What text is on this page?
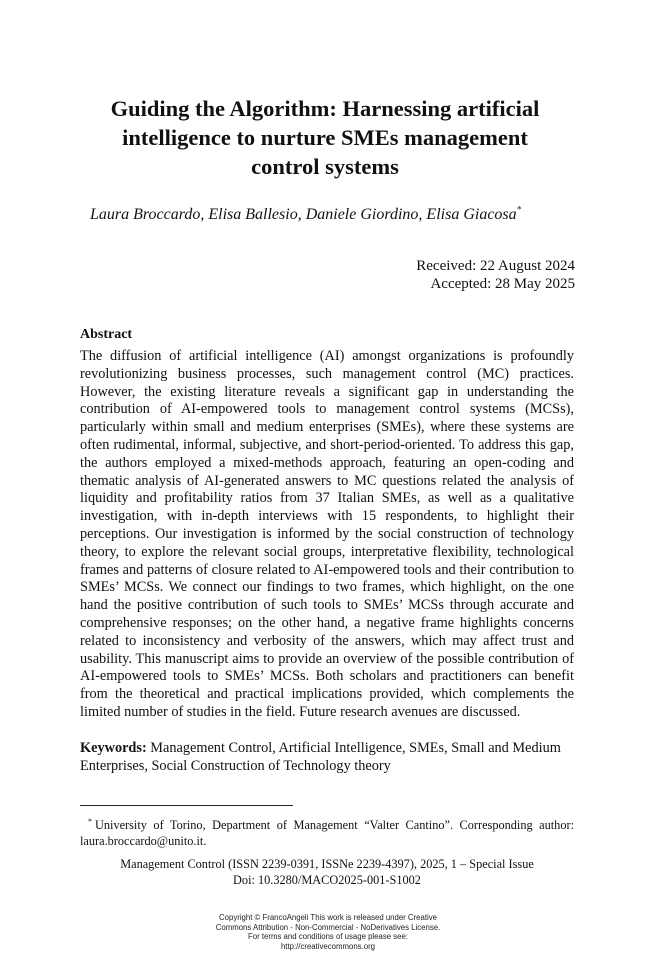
Guiding the Algorithm: Harnessing artificial
intelligence to nurture SMEs management
control systems
Laura Broccardo, Elisa Ballesio, Daniele Giordino, Elisa Giacosa*
Received: 22 August 2024
Accepted: 28 May 2025
Abstract
The diffusion of artificial intelligence (AI) amongst organizations is profoundly revolutionizing business processes, such management control (MC) practices. However, the existing literature reveals a significant gap in understanding the contribution of AI-empowered tools to management control systems (MCSs), particularly within small and medium enterprises (SMEs), where these systems are often rudimental, informal, subjective, and short-period-oriented. To address this gap, the authors employed a mixed-methods approach, featuring an open-coding and thematic analysis of AI-generated answers to MC questions related the analysis of liquidity and profitability ratios from 37 Italian SMEs, as well as a qualitative investigation, with in-depth interviews with 15 respondents, to highlight their perceptions. Our investigation is informed by the social construction of technology theory, to explore the relevant social groups, interpretative flexibility, technological frames and patterns of closure related to AI-empowered tools and their contribution to SMEs’ MCSs. We connect our findings to two frames, which highlight, on the one hand the positive contribution of such tools to SMEs’ MCSs through accurate and comprehensive responses; on the other hand, a negative frame highlights concerns related to inconsistency and verbosity of the answers, which may affect trust and usability. This manuscript aims to provide an overview of the possible contribution of AI-empowered tools to SMEs’ MCSs. Both scholars and practitioners can benefit from the theoretical and practical implications provided, which complements the limited number of studies in the field. Future research avenues are discussed.
Keywords: Management Control, Artificial Intelligence, SMEs, Small and Medium Enterprises, Social Construction of Technology theory
* University of Torino, Department of Management “Valter Cantino”. Corresponding author: laura.broccardo@unito.it.
Management Control (ISSN 2239-0391, ISSNe 2239-4397), 2025, 1 – Special Issue
Doi: 10.3280/MACO2025-001-S1002
Copyright © FrancoAngeli This work is released under Creative
Commons Attribution - Non-Commercial - NoDerivatives License.
For terms and conditions of usage please see:
http://creativecommons.org
